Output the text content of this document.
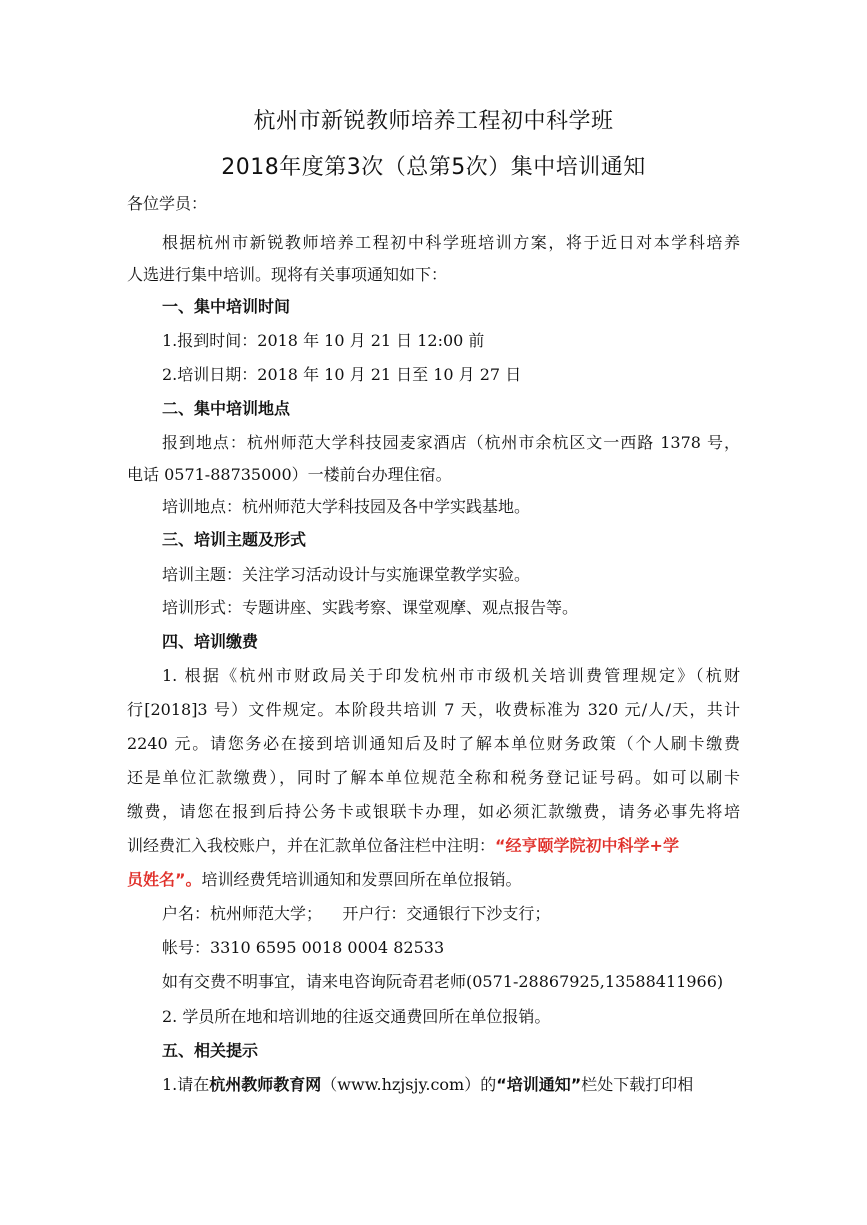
杭州市新锐教师培养工程初中科学班
2018年度第3次（总第5次）集中培训通知
各位学员：
根据杭州市新锐教师培养工程初中科学班培训方案，将于近日对本学科培养
人选进行集中培训。现将有关事项通知如下：
一、集中培训时间
1.报到时间：2018 年 10 月 21 日 12:00 前
2.培训日期：2018 年 10 月 21 日至 10 月 27 日
二、集中培训地点
报到地点：杭州师范大学科技园麦家酒店（杭州市余杭区文一西路 1378 号，
电话 0571-88735000）一楼前台办理住宿。
培训地点：杭州师范大学科技园及各中学实践基地。
三、培训主题及形式
培训主题：关注学习活动设计与实施课堂教学实验。
培训形式：专题讲座、实践考察、课堂观摩、观点报告等。
四、培训缴费
1. 根据《杭州市财政局关于印发杭州市市级机关培训费管理规定》（杭财
行[2018]3 号）文件规定。本阶段共培训 7 天，收费标准为 320 元/人/天，共计
2240 元。请您务必在接到培训通知后及时了解本单位财务政策（个人刷卡缴费
还是单位汇款缴费），同时了解本单位规范全称和税务登记证号码。如可以刷卡
缴费，请您在报到后持公务卡或银联卡办理，如必须汇款缴费，请务必事先将培
训经费汇入我校账户，并在汇款单位备注栏中注明：“经亨颐学院初中科学+学
员姓名”。培训经费凭培训通知和发票回所在单位报销。
户名：杭州师范大学；    开户行：交通银行下沙支行；
帐号：3310 6595 0018 0004 82533
如有交费不明事宜，请来电咨询阮奇君老师(0571-28867925,13588411966)
2. 学员所在地和培训地的往返交通费回所在单位报销。
五、相关提示
1.请在杭州教师教育网（www.hzjsjy.com）的“培训通知”栏处下载打印相
